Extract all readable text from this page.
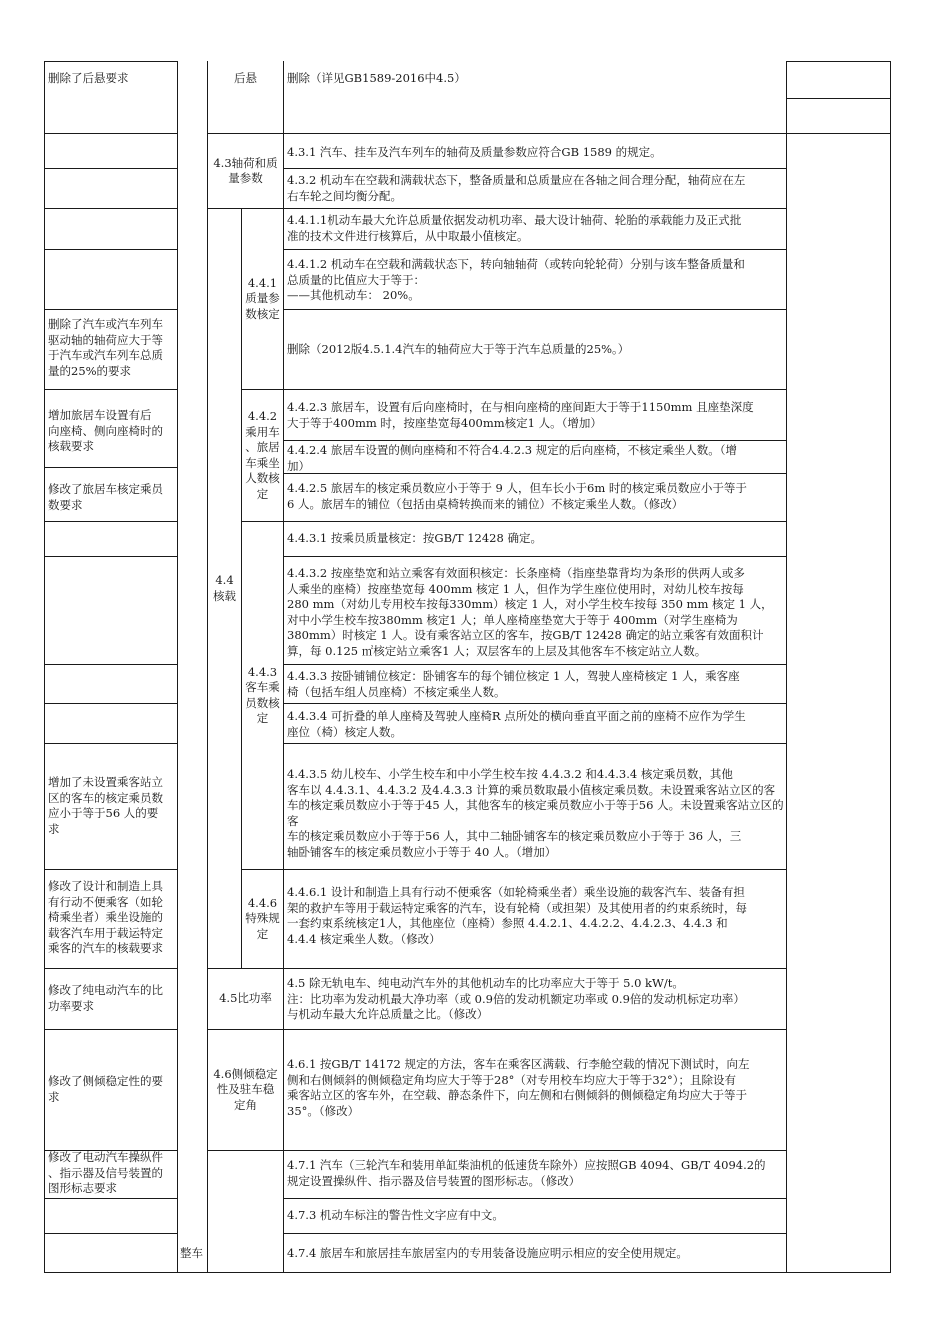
删除了后悬要求
删除了汽车或汽车列车
驱动轴的轴荷应大于等
于汽车或汽车列车总质
量的25%的要求
增加旅居车设置有后
向座椅、侧向座椅时的
核载要求
修改了旅居车核定乘员
数要求
增加了未设置乘客站立
区的客车的核定乘员数
应小于等于56 人的要
求
修改了设计和制造上具
有行动不便乘客（如轮
椅乘坐者）乘坐设施的
载客汽车用于载运特定
乘客的汽车的核载要求
修改了纯电动汽车的比
功率要求
修改了侧倾稳定性的要
求
修改了电动汽车操纵件
、指示器及信号装置的
图形标志要求
整车
后悬
4.3轴荷和质
量参数
4.4
核载
4.4.1
质量参
数核定
4.4.2
乘用车
、旅居
车乘坐
人数核
定
4.4.3
客车乘
员数核
定
4.4.6
特殊规
定
4.5比功率
4.6侧倾稳定
性及驻车稳
定角
删除（详见GB1589-2016中4.5）
4.3.1 汽车、挂车及汽车列车的轴荷及质量参数应符合GB 1589 的规定。
4.3.2 机动车在空载和满载状态下，整备质量和总质量应在各轴之间合理分配，轴荷应在左
右车轮之间均衡分配。
4.4.1.1机动车最大允许总质量依据发动机功率、最大设计轴荷、轮胎的承载能力及正式批
准的技术文件进行核算后，从中取最小值核定。
4.4.1.2 机动车在空载和满载状态下，转向轴轴荷（或转向轮轮荷）分别与该车整备质量和
总质量的比值应大于等于：
——其他机动车： 20%。
删除（2012版4.5.1.4汽车的轴荷应大于等于汽车总质量的25%。）
4.4.2.3 旅居车，设置有后向座椅时，在与相向座椅的座间距大于等于1150mm 且座垫深度
大于等于400mm 时，按座垫宽每400mm核定1 人。（增加）
4.4.2.4 旅居车设置的侧向座椅和不符合4.4.2.3 规定的后向座椅，不核定乘坐人数。（增
加）
4.4.2.5 旅居车的核定乘员数应小于等于 9 人，但车长小于6m 时的核定乘员数应小于等于
6 人。旅居车的铺位（包括由桌椅转换而来的铺位）不核定乘坐人数。（修改）
4.4.3.1 按乘员质量核定：按GB/T 12428 确定。
4.4.3.2 按座垫宽和站立乘客有效面积核定：长条座椅（指座垫靠背均为条形的供两人或多
人乘坐的座椅）按座垫宽每 400mm 核定 1 人，但作为学生座位使用时，对幼儿校车按每
280 mm（对幼儿专用校车按每330mm）核定 1 人，对小学生校车按每 350 mm 核定 1 人，
对中小学生校车按380mm 核定1 人；单人座椅座垫宽大于等于 400mm（对学生座椅为
380mm）时核定 1 人。设有乘客站立区的客车，按GB/T 12428 确定的站立乘客有效面积计
算，每 0.125 ㎡核定站立乘客1 人；双层客车的上层及其他客车不核定站立人数。
4.4.3.3 按卧铺铺位核定：卧铺客车的每个铺位核定 1 人，驾驶人座椅核定 1 人，乘客座
椅（包括车组人员座椅）不核定乘坐人数。
4.4.3.4 可折叠的单人座椅及驾驶人座椅R 点所处的横向垂直平面之前的座椅不应作为学生
座位（椅）核定人数。
4.4.3.5 幼儿校车、小学生校车和中小学生校车按 4.4.3.2 和4.4.3.4 核定乘员数，其他
客车以 4.4.3.1、4.4.3.2 及4.4.3.3 计算的乘员数取最小值核定乘员数。未设置乘客站立区的客
车的核定乘员数应小于等于45 人，其他客车的核定乘员数应小于等于56 人。未设置乘客站立区的客
车的核定乘员数应小于等于56 人，其中二轴卧铺客车的核定乘员数应小于等于 36 人，三
轴卧铺客车的核定乘员数应小于等于 40 人。（增加）
4.4.6.1 设计和制造上具有行动不便乘客（如轮椅乘坐者）乘坐设施的载客汽车、装备有担
架的救护车等用于载运特定乘客的汽车，设有轮椅（或担架）及其使用者的约束系统时，每
一套约束系统核定1人，其他座位（座椅）参照 4.4.2.1、4.4.2.2、4.4.2.3、4.4.3 和
4.4.4 核定乘坐人数。（修改）
4.5 除无轨电车、纯电动汽车外的其他机动车的比功率应大于等于 5.0 kW/t。
注：比功率为发动机最大净功率（或 0.9倍的发动机额定功率或 0.9倍的发动机标定功率）
与机动车最大允许总质量之比。（修改）
4.6.1 按GB/T 14172 规定的方法，客车在乘客区满载、行李舱空载的情况下测试时，向左
侧和右侧倾斜的侧倾稳定角均应大于等于28°（对专用校车均应大于等于32°）；且除设有
乘客站立区的客车外，在空载、静态条件下，向左侧和右侧倾斜的侧倾稳定角均应大于等于
35°。（修改）
4.7.1 汽车（三轮汽车和装用单缸柴油机的低速货车除外）应按照GB 4094、GB/T 4094.2的
规定设置操纵件、指示器及信号装置的图形标志。（修改）
4.7.3 机动车标注的警告性文字应有中文。
4.7.4 旅居车和旅居挂车旅居室内的专用装备设施应明示相应的安全使用规定。
